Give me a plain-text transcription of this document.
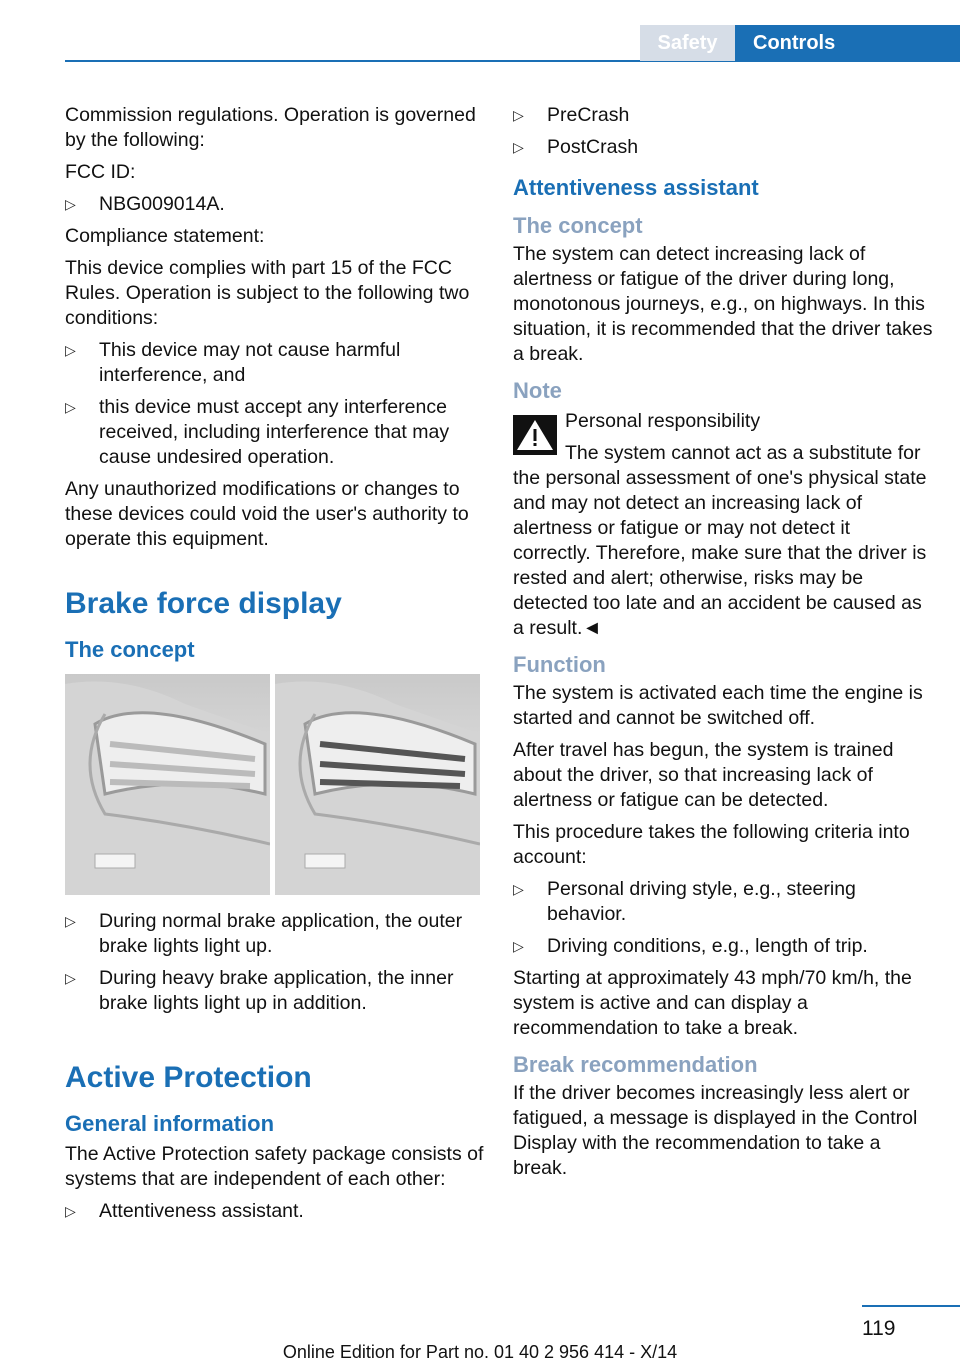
Safety	Controls

Commission regulations. Operation is governed by the following:

FCC ID:

▷ NBG009014A.

Compliance statement:

This device complies with part 15 of the FCC Rules. Operation is subject to the following two conditions:

▷ This device may not cause harmful interference, and
▷ this device must accept any interference received, including interference that may cause undesired operation.

Any unauthorized modifications or changes to these devices could void the user's authority to operate this equipment.

Brake force display
The concept
▷ During normal brake application, the outer brake lights light up.
▷ During heavy brake application, the inner brake lights light up in addition.
Active Protection
General information

The Active Protection safety package consists of systems that are independent of each other:

▷ Attentiveness assistant.
▷ PreCrash
▷ PostCrash
Attentiveness assistant
The concept

The system can detect increasing lack of alertness or fatigue of the driver during long, monotonous journeys, e.g., on highways. In this situation, it is recommended that the driver takes a break.

Note

Personal responsibility

The system cannot act as a substitute for the personal assessment of one's physical state and may not detect an increasing lack of alertness or fatigue or may not detect it correctly. Therefore, make sure that the driver is rested and alert; otherwise, risks may be detected too late and an accident be caused as a result.◄

Function

The system is activated each time the engine is started and cannot be switched off.

After travel has begun, the system is trained about the driver, so that increasing lack of alertness or fatigue can be detected.

This procedure takes the following criteria into account:

▷ Personal driving style, e.g., steering behavior.
▷ Driving conditions, e.g., length of trip.

Starting at approximately 43 mph/70 km/h, the system is active and can display a recommendation to take a break.

Break recommendation

If the driver becomes increasingly less alert or fatigued, a message is displayed in the Control Display with the recommendation to take a break.

119
Online Edition for Part no. 01 40 2 956 414 - X/14
